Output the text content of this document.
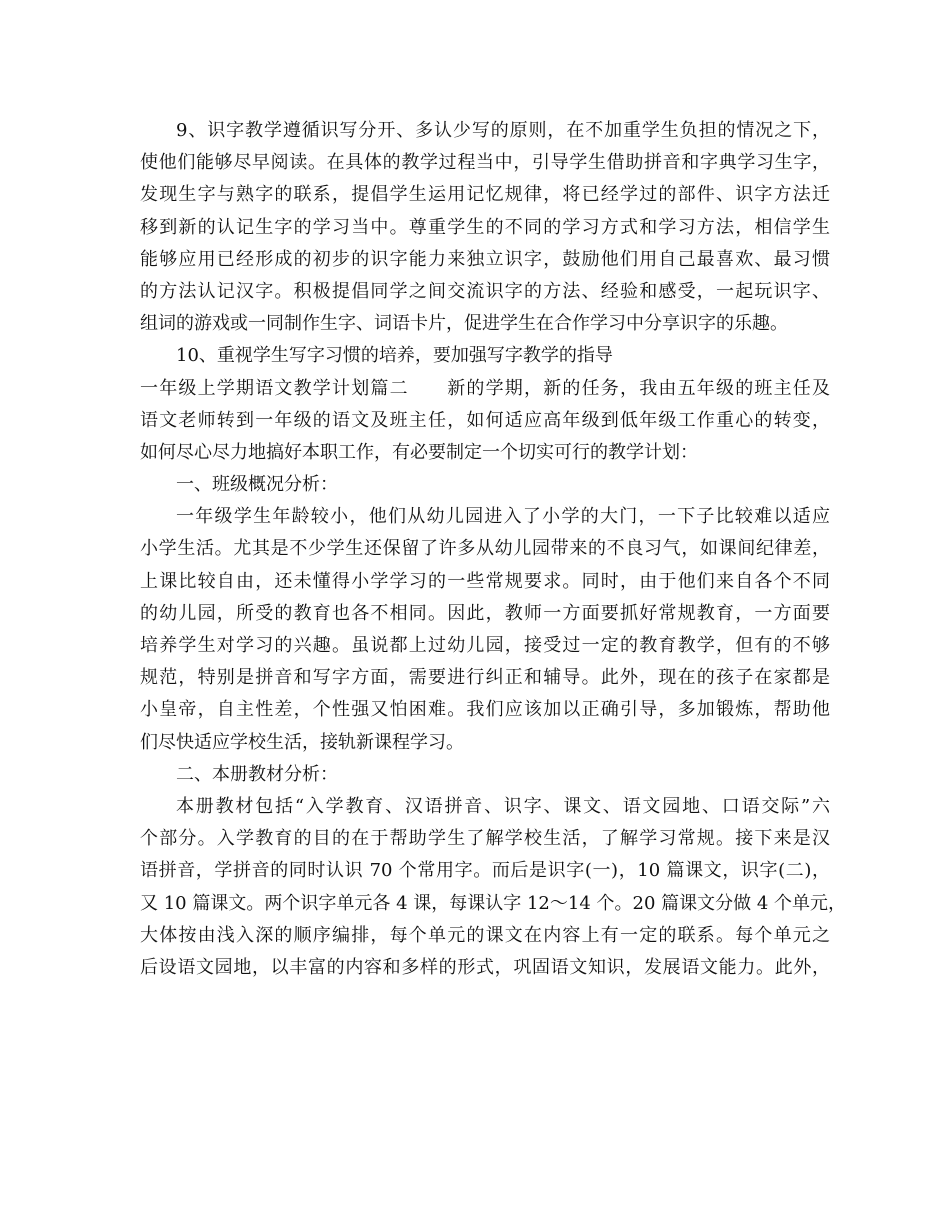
9、识字教学遵循识写分开、多认少写的原则，在不加重学生负担的情况之下，
使他们能够尽早阅读。在具体的教学过程当中，引导学生借助拼音和字典学习生字，
发现生字与熟字的联系，提倡学生运用记忆规律，将已经学过的部件、识字方法迁
移到新的认记生字的学习当中。尊重学生的不同的学习方式和学习方法，相信学生
能够应用已经形成的初步的识字能力来独立识字，鼓励他们用自己最喜欢、最习惯
的方法认记汉字。积极提倡同学之间交流识字的方法、经验和感受，一起玩识字、
组词的游戏或一同制作生字、词语卡片，促进学生在合作学习中分享识字的乐趣。
10、重视学生写字习惯的培养，要加强写字教学的指导
一年级上学期语文教学计划篇二　　新的学期，新的任务，我由五年级的班主任及
语文老师转到一年级的语文及班主任，如何适应高年级到低年级工作重心的转变，
如何尽心尽力地搞好本职工作，有必要制定一个切实可行的教学计划：
一、班级概况分析：
一年级学生年龄较小，他们从幼儿园进入了小学的大门，一下子比较难以适应
小学生活。尤其是不少学生还保留了许多从幼儿园带来的不良习气，如课间纪律差，
上课比较自由，还未懂得小学学习的一些常规要求。同时，由于他们来自各个不同
的幼儿园，所受的教育也各不相同。因此，教师一方面要抓好常规教育，一方面要
培养学生对学习的兴趣。虽说都上过幼儿园，接受过一定的教育教学，但有的不够
规范，特别是拼音和写字方面，需要进行纠正和辅导。此外，现在的孩子在家都是
小皇帝，自主性差，个性强又怕困难。我们应该加以正确引导，多加锻炼，帮助他
们尽快适应学校生活，接轨新课程学习。
二、本册教材分析：
本册教材包括“入学教育、汉语拼音、识字、课文、语文园地、口语交际”六
个部分。入学教育的目的在于帮助学生了解学校生活，了解学习常规。接下来是汉
语拼音，学拼音的同时认识 70 个常用字。而后是识字(一)，10 篇课文，识字(二)，
又 10 篇课文。两个识字单元各 4 课，每课认字 12～14 个。20 篇课文分做 4 个单元，
大体按由浅入深的顺序编排，每个单元的课文在内容上有一定的联系。每个单元之
后设语文园地，以丰富的内容和多样的形式，巩固语文知识，发展语文能力。此外，
